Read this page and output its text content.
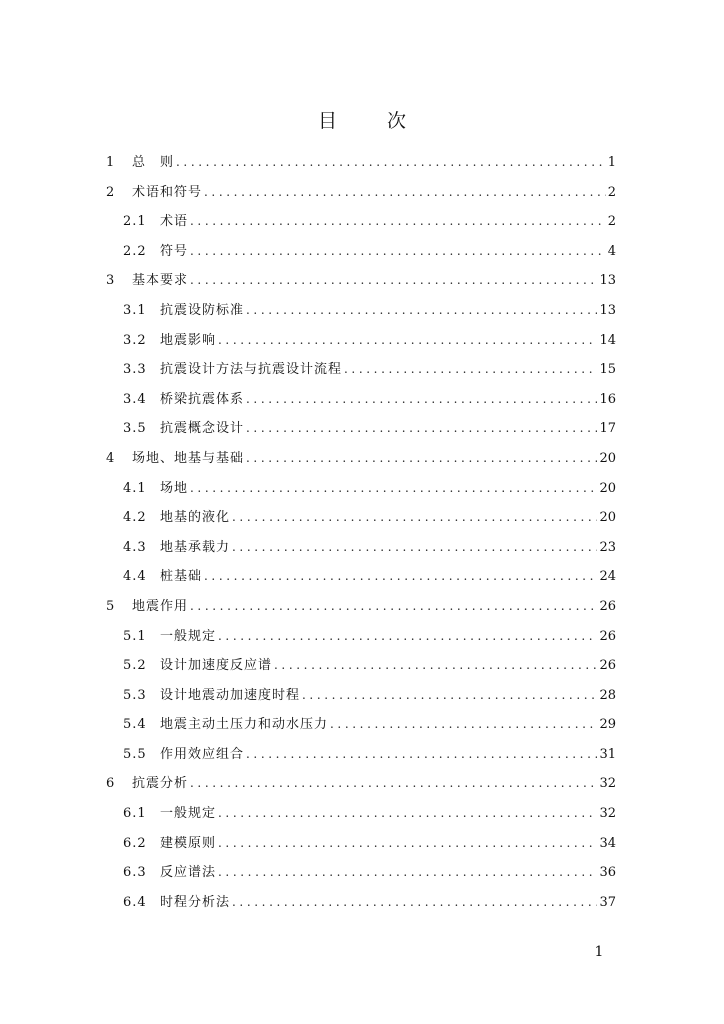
目 次
1	总　则 .....	1
2	术语和符号 .....	2
2.1	术语 .....	2
2.2	符号 .....	4
3	基本要求 .....	13
3.1	抗震设防标准 .....	13
3.2	地震影响 .....	14
3.3	抗震设计方法与抗震设计流程 .....	15
3.4	桥梁抗震体系 .....	16
3.5	抗震概念设计 .....	17
4	场地、地基与基础 .....	20
4.1	场地 .....	20
4.2	地基的液化 .....	20
4.3	地基承载力 .....	23
4.4	桩基础 .....	24
5	地震作用 .....	26
5.1	一般规定 .....	26
5.2	设计加速度反应谱 .....	26
5.3	设计地震动加速度时程 .....	28
5.4	地震主动土压力和动水压力 .....	29
5.5	作用效应组合 .....	31
6	抗震分析 .....	32
6.1	一般规定 .....	32
6.2	建模原则 .....	34
6.3	反应谱法 .....	36
6.4	时程分析法 .....	37
1
